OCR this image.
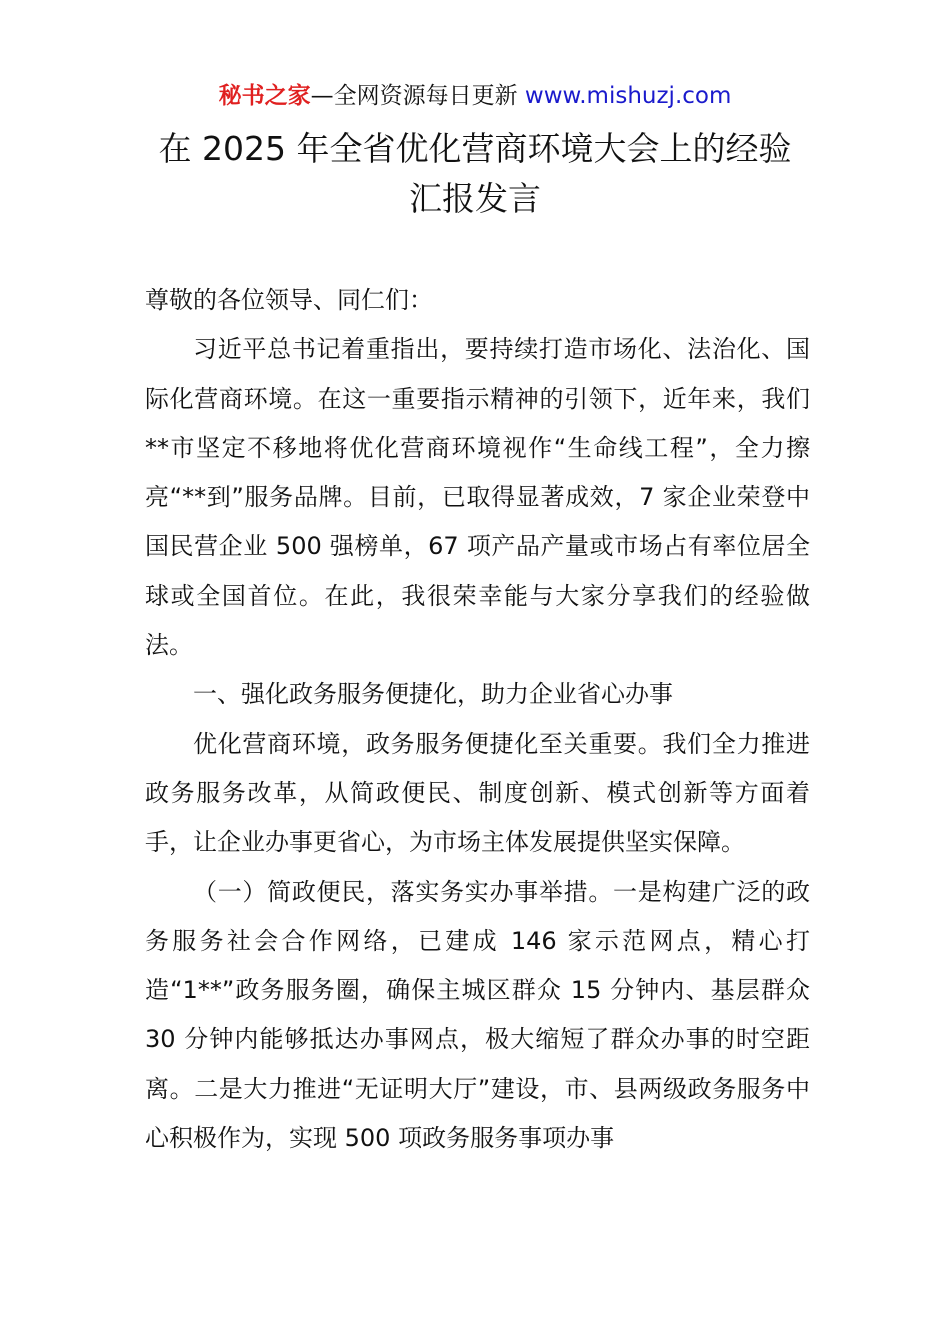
秘书之家—全网资源每日更新 www.mishuzj.com
在 2025 年全省优化营商环境大会上的经验
汇报发言

尊敬的各位领导、同仁们：

习近平总书记着重指出，要持续打造市场化、法治化、国际化营商环境。在这一重要指示精神的引领下，近年来，我们**市坚定不移地将优化营商环境视作“生命线工程”，全力擦亮“**到”服务品牌。目前，已取得显著成效，7 家企业荣登中国民营企业 500 强榜单，67 项产品产量或市场占有率位居全球或全国首位。在此，我很荣幸能与大家分享我们的经验做法。

一、强化政务服务便捷化，助力企业省心办事

优化营商环境，政务服务便捷化至关重要。我们全力推进政务服务改革，从简政便民、制度创新、模式创新等方面着手，让企业办事更省心，为市场主体发展提供坚实保障。

（一）简政便民，落实务实办事举措。一是构建广泛的政务服务社会合作网络，已建成 146 家示范网点，精心打造“1**”政务服务圈，确保主城区群众 15 分钟内、基层群众 30 分钟内能够抵达办事网点，极大缩短了群众办事的时空距离。二是大力推进“无证明大厅”建设，市、县两级政务服务中心积极作为，实现 500 项政务服务事项办事
